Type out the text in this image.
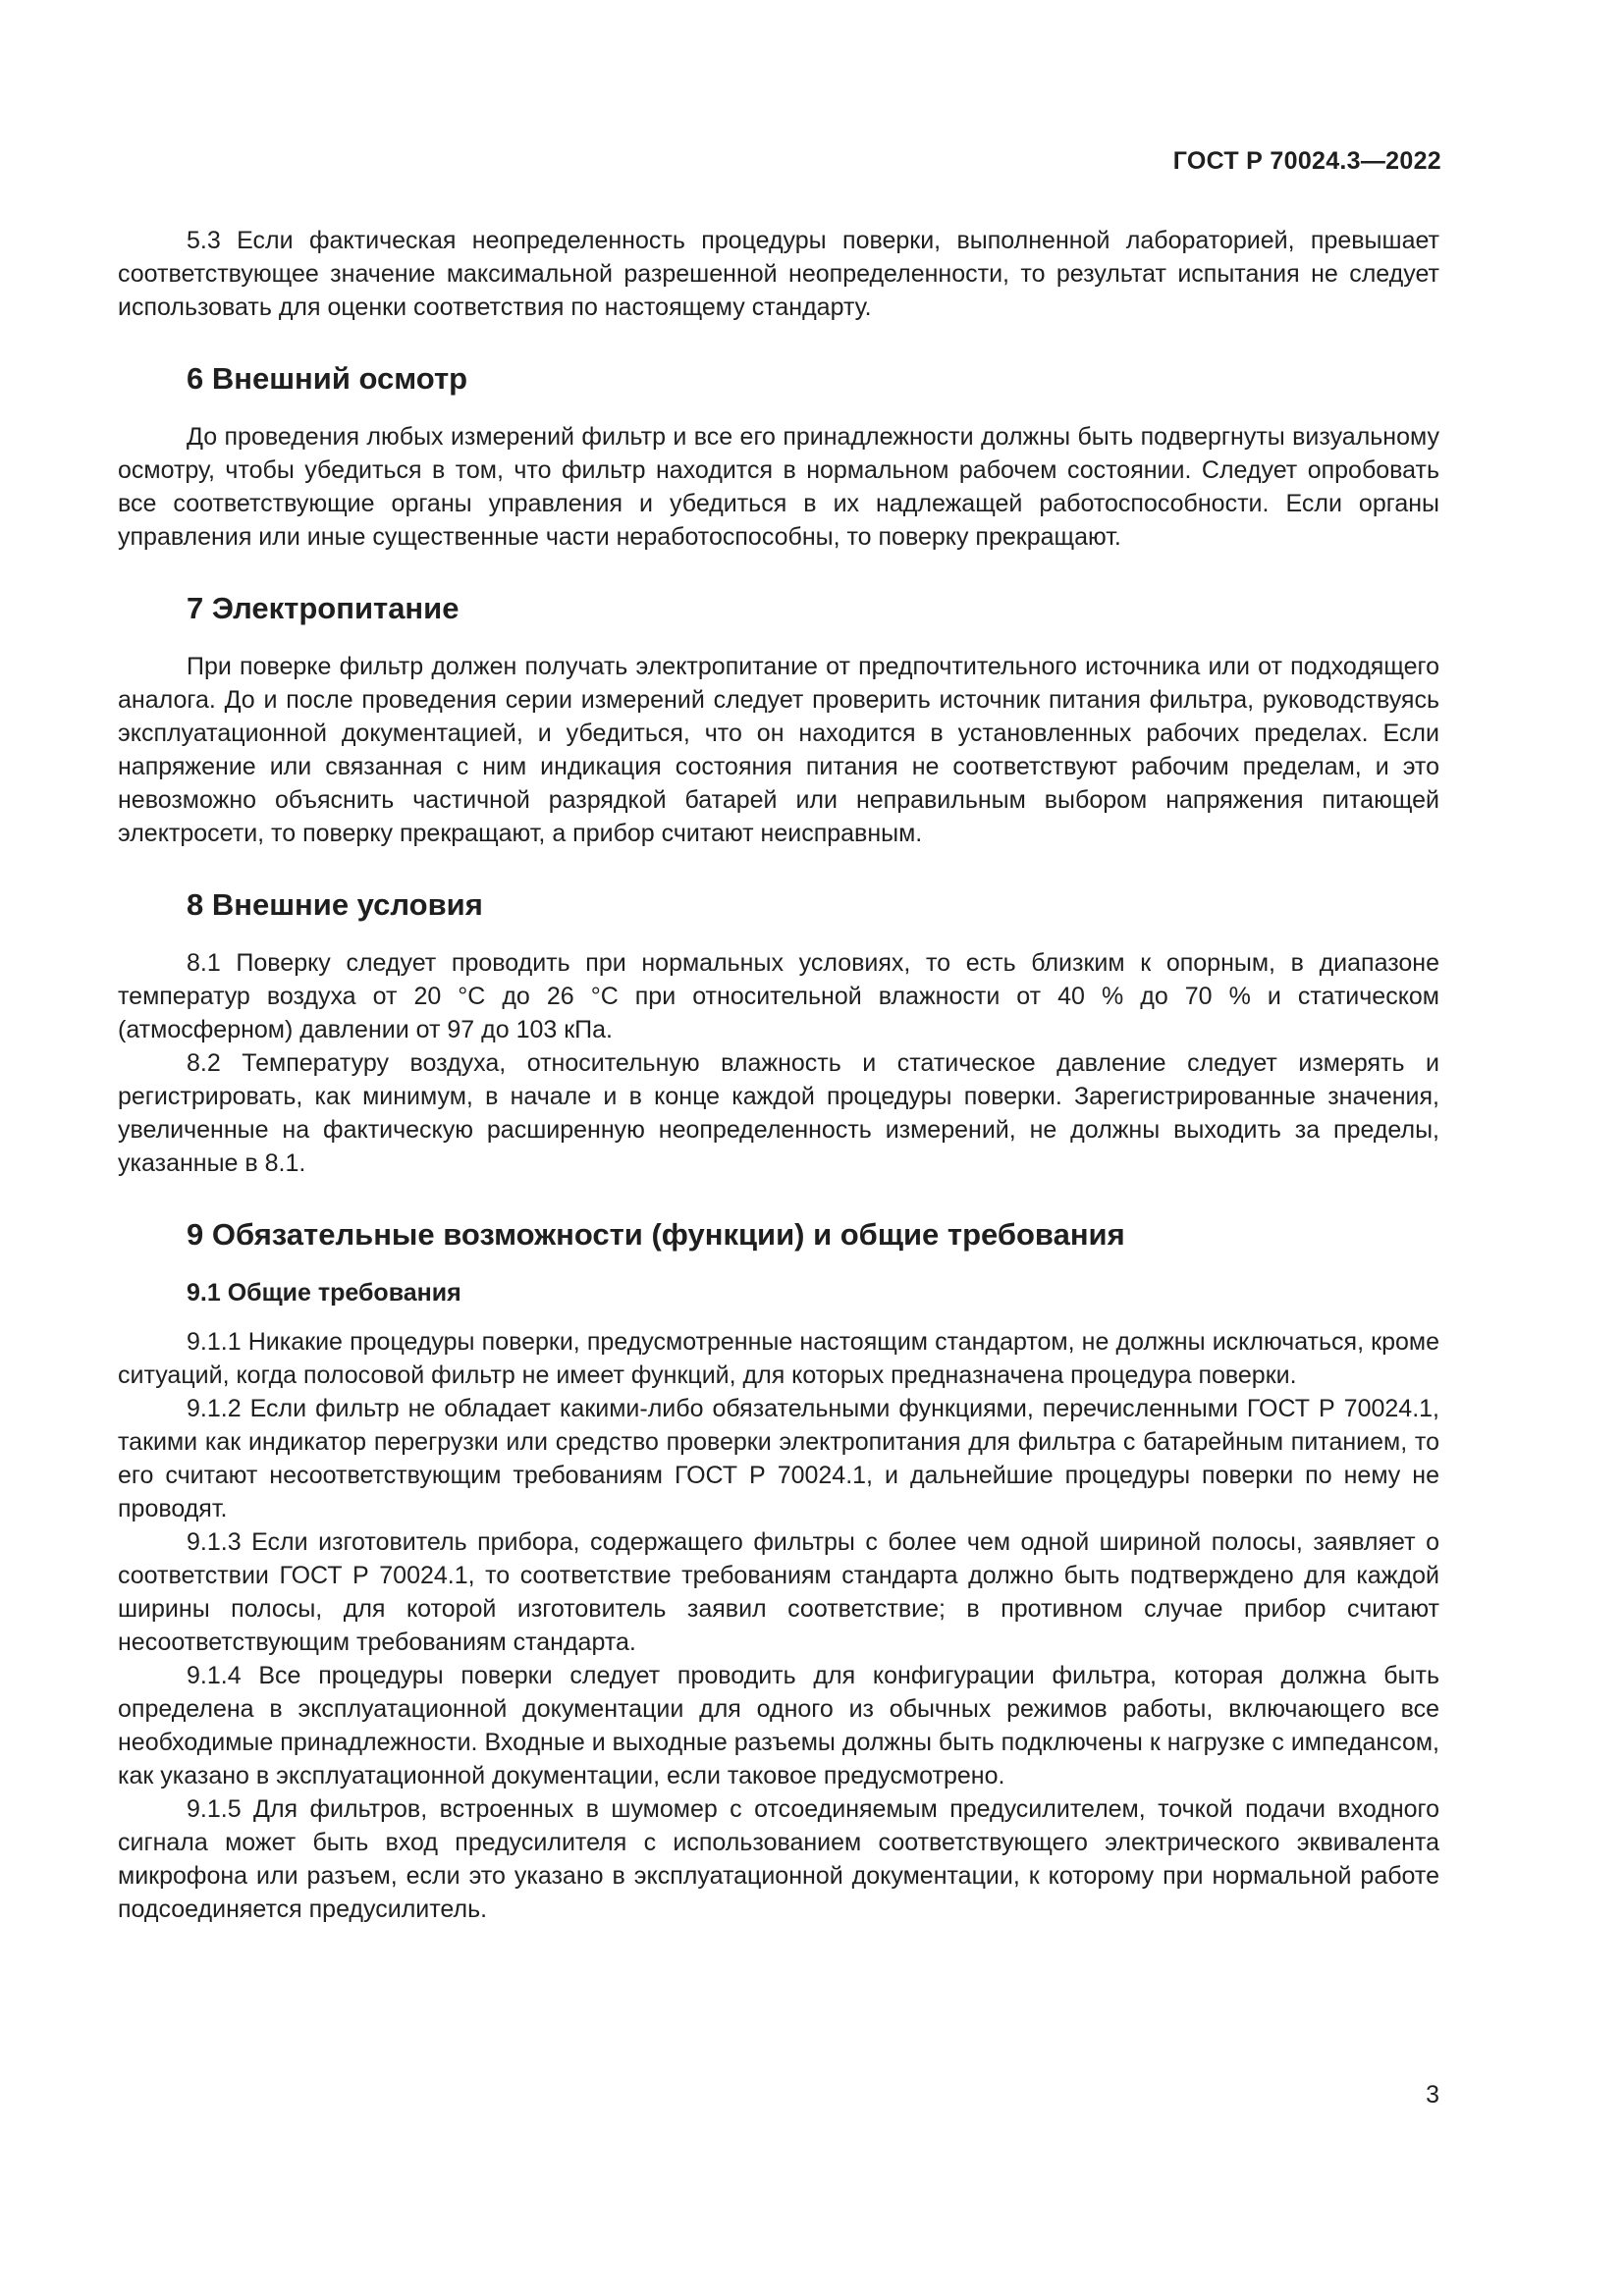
ГОСТ Р 70024.3—2022

5.3 Если фактическая неопределенность процедуры поверки, выполненной лабораторией, превышает соответствующее значение максимальной разрешенной неопределенности, то результат испытания не следует использовать для оценки соответствия по настоящему стандарту.

6 Внешний осмотр

До проведения любых измерений фильтр и все его принадлежности должны быть подвергнуты визуальному осмотру, чтобы убедиться в том, что фильтр находится в нормальном рабочем состоянии. Следует опробовать все соответствующие органы управления и убедиться в их надлежащей работоспособности. Если органы управления или иные существенные части неработоспособны, то поверку прекращают.

7 Электропитание

При поверке фильтр должен получать электропитание от предпочтительного источника или от подходящего аналога. До и после проведения серии измерений следует проверить источник питания фильтра, руководствуясь эксплуатационной документацией, и убедиться, что он находится в установленных рабочих пределах. Если напряжение или связанная с ним индикация состояния питания не соответствуют рабочим пределам, и это невозможно объяснить частичной разрядкой батарей или неправильным выбором напряжения питающей электросети, то поверку прекращают, а прибор считают неисправным.

8 Внешние условия

8.1 Поверку следует проводить при нормальных условиях, то есть близким к опорным, в диапазоне температур воздуха от 20 °С до 26 °С при относительной влажности от 40 % до 70 % и статическом (атмосферном) давлении от 97 до 103 кПа.

8.2 Температуру воздуха, относительную влажность и статическое давление следует измерять и регистрировать, как минимум, в начале и в конце каждой процедуры поверки. Зарегистрированные значения, увеличенные на фактическую расширенную неопределенность измерений, не должны выходить за пределы, указанные в 8.1.

9 Обязательные возможности (функции) и общие требования
9.1 Общие требования

9.1.1 Никакие процедуры поверки, предусмотренные настоящим стандартом, не должны исключаться, кроме ситуаций, когда полосовой фильтр не имеет функций, для которых предназначена процедура поверки.

9.1.2 Если фильтр не обладает какими-либо обязательными функциями, перечисленными ГОСТ Р 70024.1, такими как индикатор перегрузки или средство проверки электропитания для фильтра с батарейным питанием, то его считают несоответствующим требованиям ГОСТ Р 70024.1, и дальнейшие процедуры поверки по нему не проводят.

9.1.3 Если изготовитель прибора, содержащего фильтры с более чем одной шириной полосы, заявляет о соответствии ГОСТ Р 70024.1, то соответствие требованиям стандарта должно быть подтверждено для каждой ширины полосы, для которой изготовитель заявил соответствие; в противном случае прибор считают несоответствующим требованиям стандарта.

9.1.4 Все процедуры поверки следует проводить для конфигурации фильтра, которая должна быть определена в эксплуатационной документации для одного из обычных режимов работы, включающего все необходимые принадлежности. Входные и выходные разъемы должны быть подключены к нагрузке с импедансом, как указано в эксплуатационной документации, если таковое предусмотрено.

9.1.5 Для фильтров, встроенных в шумомер с отсоединяемым предусилителем, точкой подачи входного сигнала может быть вход предусилителя с использованием соответствующего электрического эквивалента микрофона или разъем, если это указано в эксплуатационной документации, к которому при нормальной работе подсоединяется предусилитель.

3
